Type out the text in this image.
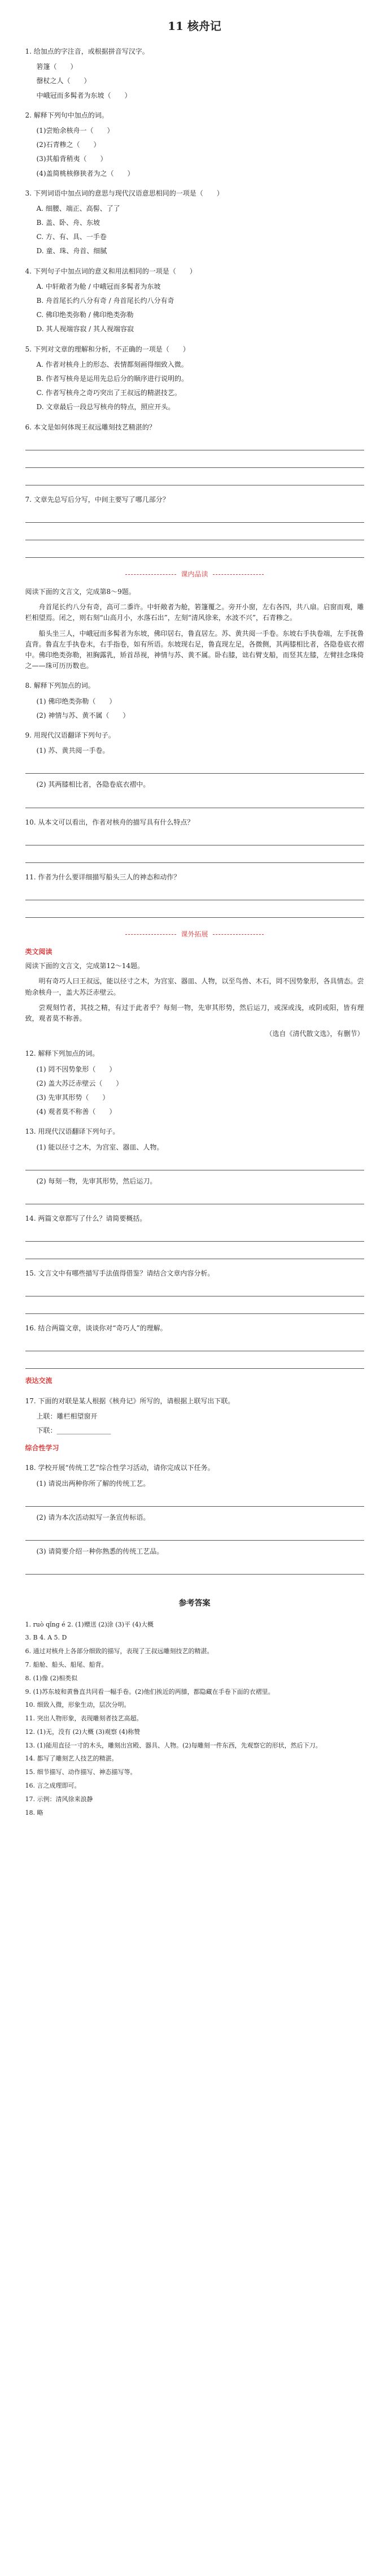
11 核舟记
1. 给加点的字注音，或根据拼音写汉字。
箬篷（　　）
罄杖之人（　　）
中峨冠而多髯者为东坡（　　）
2. 解释下列句中加点的词。
(1)尝贻余核舟一（　　）
(2)石青糁之（　　）
(3)其船背稍夷（　　）
(4)盖简桃核修狭者为之（　　）
3. 下列词语中加点词的意思与现代汉语意思相同的一项是（　　）
A. 细腰、端正、高髻、了了
B. 盖、卧、舟、东坡
C. 方、有、具、一手卷
D. 童、珠、舟首、细腻
4. 下列句子中加点词的意义和用法相同的一项是（　　）
A. 中轩敞者为舱 / 中峨冠而多髯者为东坡
B. 舟首尾长约八分有奇 / 舟首尾长约八分有奇
C. 佛印绝类弥勒 / 佛印绝类弥勒
D. 其人视端容寂 / 其人视端容寂
5. 下列对文章的理解和分析，不正确的一项是（　　）
A. 作者对核舟上的形态、表情都刻画得细致入微。
B. 作者写核舟是运用先总后分的顺序进行说明的。
C. 作者写核舟之奇巧突出了王叔远的精湛技艺。
D. 文章最后一段总写核舟的特点，照应开头。
6. 本文是如何体现王叔远雕刻技艺精湛的？
7. 文章先总写后分写，中间主要写了哪几部分？
课内品读
阅读下面的文言文，完成第8～9题。
舟首尾长约八分有奇，高可二黍许。中轩敞者为舱，箬篷覆之。旁开小窗，左右各四，共八扇。启窗而观，雕栏相望焉。闭之，则右刻“山高月小，水落石出”，左刻“清风徐来，水波不兴”，石青糁之。
船头坐三人，中峨冠而多髯者为东坡，佛印居右，鲁直居左。苏、黄共阅一手卷。东坡右手执卷端，左手抚鲁直背。鲁直左手执卷末，右手指卷，如有所语。东坡现右足，鲁直现左足，各微侧，其两膝相比者，各隐卷底衣褶中。佛印绝类弥勒，袒胸露乳，矫首昂视，神情与苏、黄不属。卧右膝，诎右臂支船，而竖其左膝，左臂挂念珠倚之——珠可历历数也。
8. 解释下列加点的词。
(1) 佛印绝类弥勒（　　）
(2) 神情与苏、黄不属（　　）
9. 用现代汉语翻译下列句子。
(1) 苏、黄共阅一手卷。
(2) 其两膝相比者，各隐卷底衣褶中。
10. 从本文可以看出，作者对核舟的描写具有什么特点？
11. 作者为什么要详细描写船头三人的神态和动作？
课外拓展
类文阅读
阅读下面的文言文，完成第12～14题。
明有奇巧人曰王叔远，能以径寸之木，为宫室、器皿、人物，以至鸟兽、木石，罔不因势象形，各具情态。尝贻余核舟一，盖大苏泛赤壁云。
尝观刻竹者，其技之精，有过于此者乎？每刻一物，先审其形势，然后运刀，或深或浅，或阴或阳，皆有理致，观者莫不称善。
（选自《清代散文选》，有删节）
12. 解释下列加点的词。
(1) 罔不因势象形（　　）
(2) 盖大苏泛赤壁云（　　）
(3) 先审其形势（　　）
(4) 观者莫不称善（　　）
13. 用现代汉语翻译下列句子。
(1) 能以径寸之木，为宫室、器皿、人物。
(2) 每刻一物，先审其形势，然后运刀。
14. 两篇文章都写了什么？请简要概括。
15. 文言文中有哪些描写手法值得借鉴？请结合文章内容分析。
16. 结合两篇文章，谈谈你对“奇巧人”的理解。
表达交流
17. 下面的对联是某人根据《核舟记》所写的，请根据上联写出下联。
上联：雕栏相望窗开
下联：________________
综合性学习
18. 学校开展“传统工艺”综合性学习活动，请你完成以下任务。
(1) 请说出两种你所了解的传统工艺。
(2) 请为本次活动拟写一条宣传标语。
(3) 请简要介绍一种你熟悉的传统工艺品。
参考答案
1. ruò qǐng é 2. (1)赠送 (2)涂 (3)平 (4)大概
3. B 4. A 5. D
6. 通过对核舟上各部分细致的描写，表现了王叔远雕刻技艺的精湛。
7. 船舱、船头、船尾、船背。
8. (1)像 (2)相类似
9. (1)苏东坡和黄鲁直共同看一幅手卷。(2)他们挨近的两膝，都隐藏在手卷下面的衣褶里。
10. 细致入微，形象生动，层次分明。
11. 突出人物形象，表现雕刻者技艺高超。
12. (1)无，没有 (2)大概 (3)观察 (4)称赞
13. (1)能用直径一寸的木头，雕刻出宫殿、器具、人物。(2)每雕刻一件东西，先观察它的形状，然后下刀。
14. 都写了雕刻艺人技艺的精湛。
15. 细节描写、动作描写、神态描写等。
16. 言之成理即可。
17. 示例：清风徐来浪静
18. 略
